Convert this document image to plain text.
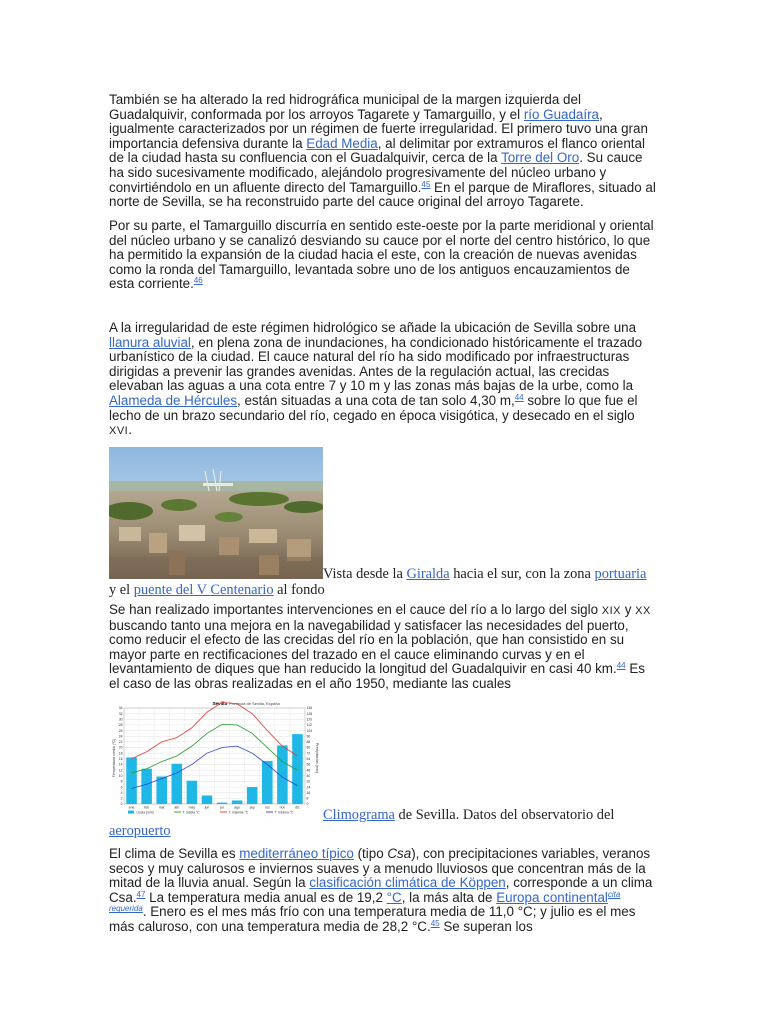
También se ha alterado la red hidrográfica municipal de la margen izquierda del Guadalquivir, conformada por los arroyos Tagarete y Tamarguillo, y el río Guadaíra, igualmente caracterizados por un régimen de fuerte irregularidad. El primero tuvo una gran importancia defensiva durante la Edad Media, al delimitar por extramuros el flanco oriental de la ciudad hasta su confluencia con el Guadalquivir, cerca de la Torre del Oro. Su cauce ha sido sucesivamente modificado, alejándolo progresivamente del núcleo urbano y convirtiéndolo en un afluente directo del Tamarguillo.$^{45}$ En el parque de Miraflores, situado al norte de Sevilla, se ha reconstruido parte del cauce original del arroyo Tagarete.

Por su parte, el Tamarguillo discurría en sentido este-oeste por la parte meridional y oriental del núcleo urbano y se canalizó desviando su cauce por el norte del centro histórico, lo que ha permitido la expansión de la ciudad hacia el este, con la creación de nuevas avenidas como la ronda del Tamarguillo, levantada sobre uno de los antiguos encauzamientos de esta corriente.$^{46}$

A la irregularidad de este régimen hidrológico se añade la ubicación de Sevilla sobre una llanura aluvial, en plena zona de inundaciones, ha condicionado históricamente el trazado urbanístico de la ciudad. El cauce natural del río ha sido modificado por infraestructuras dirigidas a prevenir las grandes avenidas. Antes de la regulación actual, las crecidas elevaban las aguas a una cota entre 7 y 10 m y las zonas más bajas de la urbe, como la Alameda de Hércules, están situadas a una cota de tan solo 4,30 m,$^{44}$ sobre lo que fue el lecho de un brazo secundario del río, cegado en época visigótica, y desecado en el siglo XVI.

Vista desde la Giralda hacia el sur, con la zona portuaria y el puente del V Centenario al fondo

Se han realizado importantes intervenciones en el cauce del río a lo largo del siglo XIX y XX buscando tanto una mejora en la navegabilidad y satisfacer las necesidades del puerto, como reducir el efecto de las crecidas del río en la población, que han consistido en su mayor parte en rectificaciones del trazado en el cauce eliminando curvas y en el levantamiento de diques que han reducido la longitud del Guadalquivir en casi 40 km.$^{44}$ Es el caso de las obras realizadas en el año 1950, mediante las cuales

Sevilla Provincia de Sevilla, España
Temperatura media (°C)	Precipitación (mm)
0	0
2	8
4	16
6	24
8	32
10	40
12	48
14	56
16	64
18	72
20	80
22	88
24	96
26	104
28	112
30	120
32	128
34	136
ene	feb	mar	abr	may	jun	jul	ago	sep	oct	nov	dic
Lluvia (mm)	T. media °C	T. máxima °C	T. mínima °C	Climograma de Sevilla. Datos del observatorio del aeropuerto

El clima de Sevilla es mediterráneo típico (tipo Csa), con precipitaciones variables, veranos secos y muy calurosos e inviernos suaves y a menudo lluviosos que concentran más de la mitad de la lluvia anual. Según la clasificación climática de Köppen, corresponde a un clima Csa.$^{47}$ La temperatura media anual es de 19,2 °C, la más alta de Europa continental$^{cita requerida}$. Enero es el mes más frío con una temperatura media de 11,0 °C; y julio es el mes más caluroso, con una temperatura media de 28,2 °C.$^{45}$ Se superan los
